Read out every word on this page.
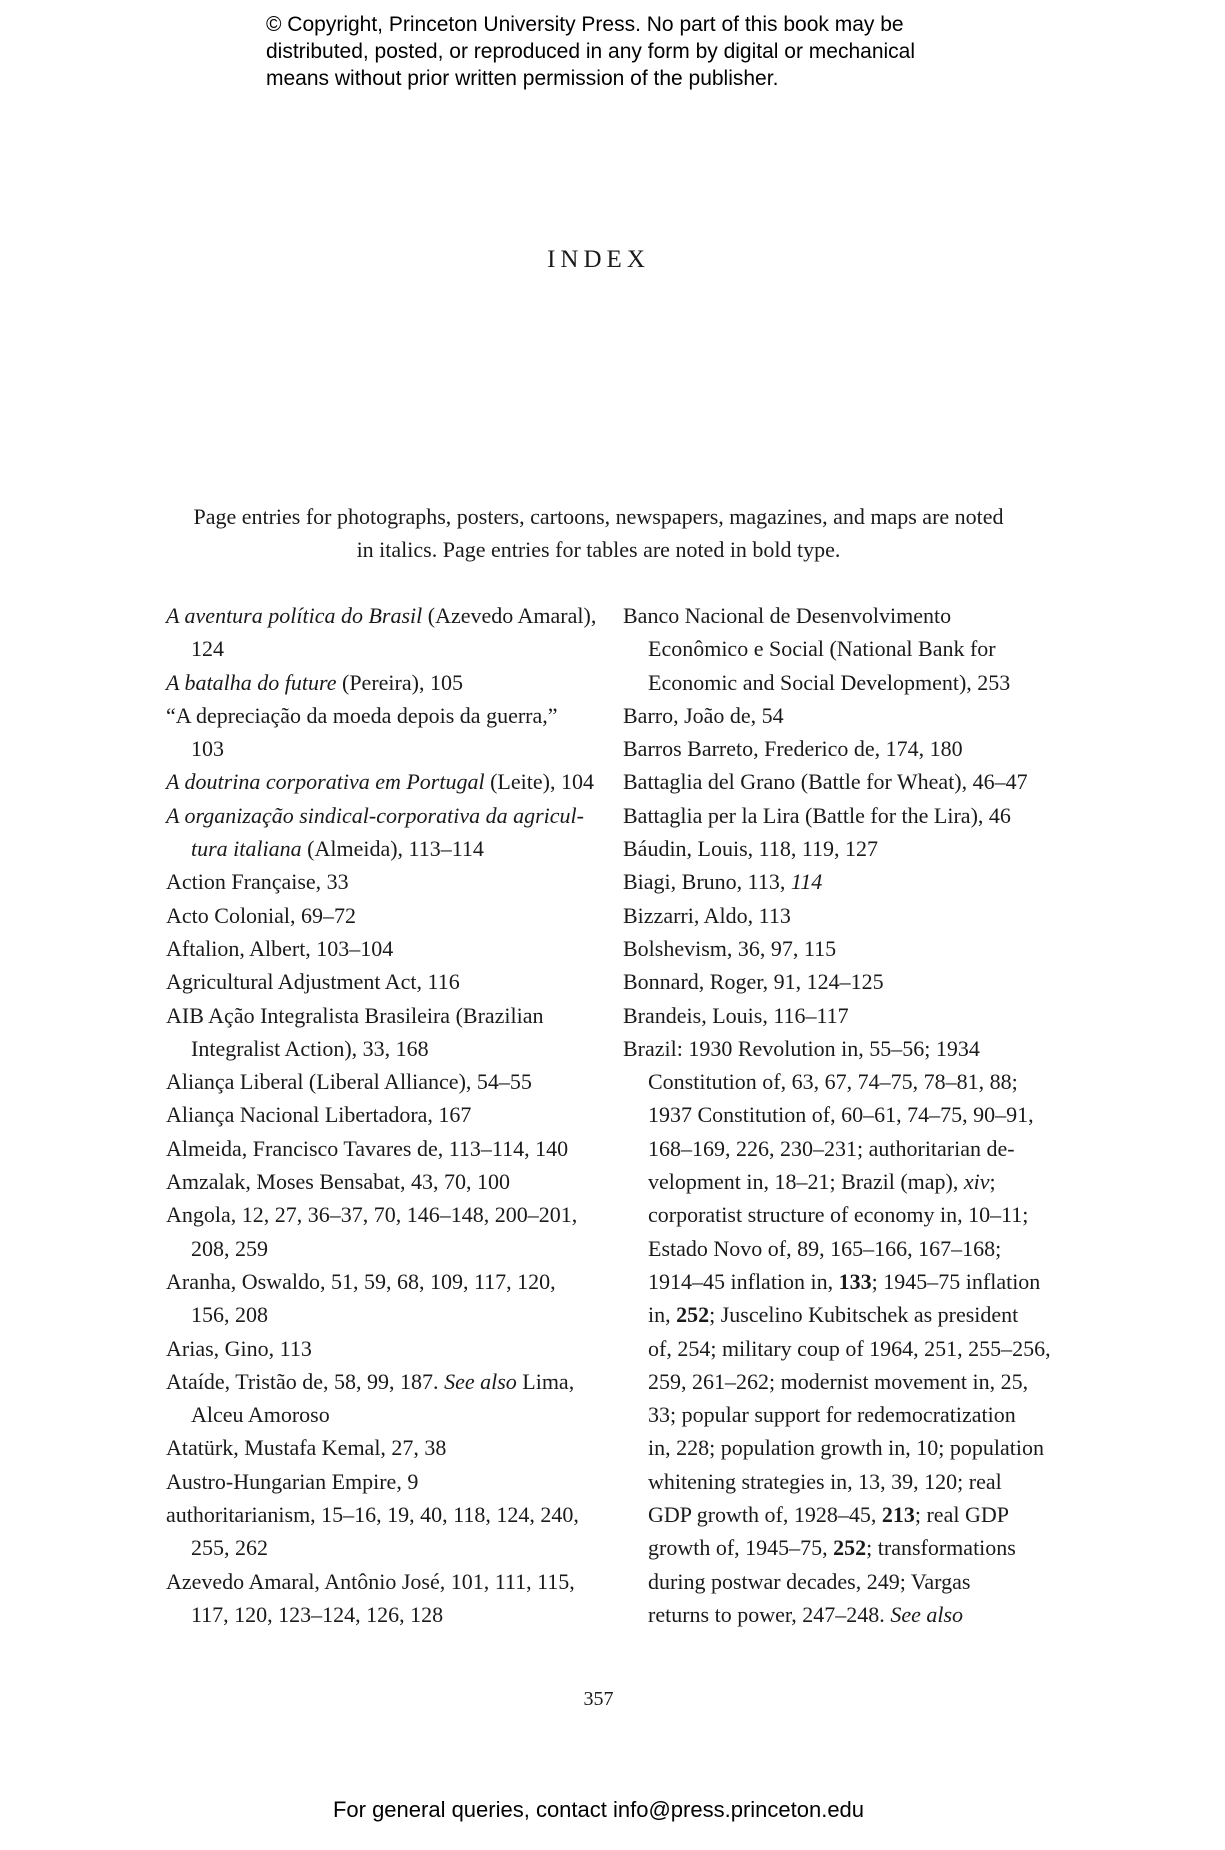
© Copyright, Princeton University Press. No part of this book may be
distributed, posted, or reproduced in any form by digital or mechanical
means without prior written permission of the publisher.
INDEX
Page entries for photographs, posters, cartoons, newspapers, magazines, and maps are noted
in italics. Page entries for tables are noted in bold type.
A aventura política do Brasil (Azevedo Amaral),
124
A batalha do future (Pereira), 105
“A depreciação da moeda depois da guerra,”
103
A doutrina corporativa em Portugal (Leite), 104
A organização sindical-corporativa da agricul-
tura italiana (Almeida), 113–114
Action Française, 33
Acto Colonial, 69–72
Aftalion, Albert, 103–104
Agricultural Adjustment Act, 116
AIB Ação Integralista Brasileira (Brazilian
Integralist Action), 33, 168
Aliança Liberal (Liberal Alliance), 54–55
Aliança Nacional Libertadora, 167
Almeida, Francisco Tavares de, 113–114, 140
Amzalak, Moses Bensabat, 43, 70, 100
Angola, 12, 27, 36–37, 70, 146–148, 200–201,
208, 259
Aranha, Oswaldo, 51, 59, 68, 109, 117, 120,
156, 208
Arias, Gino, 113
Ataíde, Tristão de, 58, 99, 187. See also Lima,
Alceu Amoroso
Atatürk, Mustafa Kemal, 27, 38
Austro-Hungarian Empire, 9
authoritarianism, 15–16, 19, 40, 118, 124, 240,
255, 262
Azevedo Amaral, Antônio José, 101, 111, 115,
117, 120, 123–124, 126, 128
Banco Nacional de Desenvolvimento
Econômico e Social (National Bank for
Economic and Social Development), 253
Barro, João de, 54
Barros Barreto, Frederico de, 174, 180
Battaglia del Grano (Battle for Wheat), 46–47
Battaglia per la Lira (Battle for the Lira), 46
Báudin, Louis, 118, 119, 127
Biagi, Bruno, 113, 114
Bizzarri, Aldo, 113
Bolshevism, 36, 97, 115
Bonnard, Roger, 91, 124–125
Brandeis, Louis, 116–117
Brazil: 1930 Revolution in, 55–56; 1934
Constitution of, 63, 67, 74–75, 78–81, 88;
1937 Constitution of, 60–61, 74–75, 90–91,
168–169, 226, 230–231; authoritarian de-
velopment in, 18–21; Brazil (map), xiv;
corporatist structure of economy in, 10–11;
Estado Novo of, 89, 165–166, 167–168;
1914–45 inflation in, 133; 1945–75 inflation
in, 252; Juscelino Kubitschek as president
of, 254; military coup of 1964, 251, 255–256,
259, 261–262; modernist movement in, 25,
33; popular support for redemocratization
in, 228; population growth in, 10; population
whitening strategies in, 13, 39, 120; real
GDP growth of, 1928–45, 213; real GDP
growth of, 1945–75, 252; transformations
during postwar decades, 249; Vargas
returns to power, 247–248. See also
357
For general queries, contact info@press.princeton.edu
